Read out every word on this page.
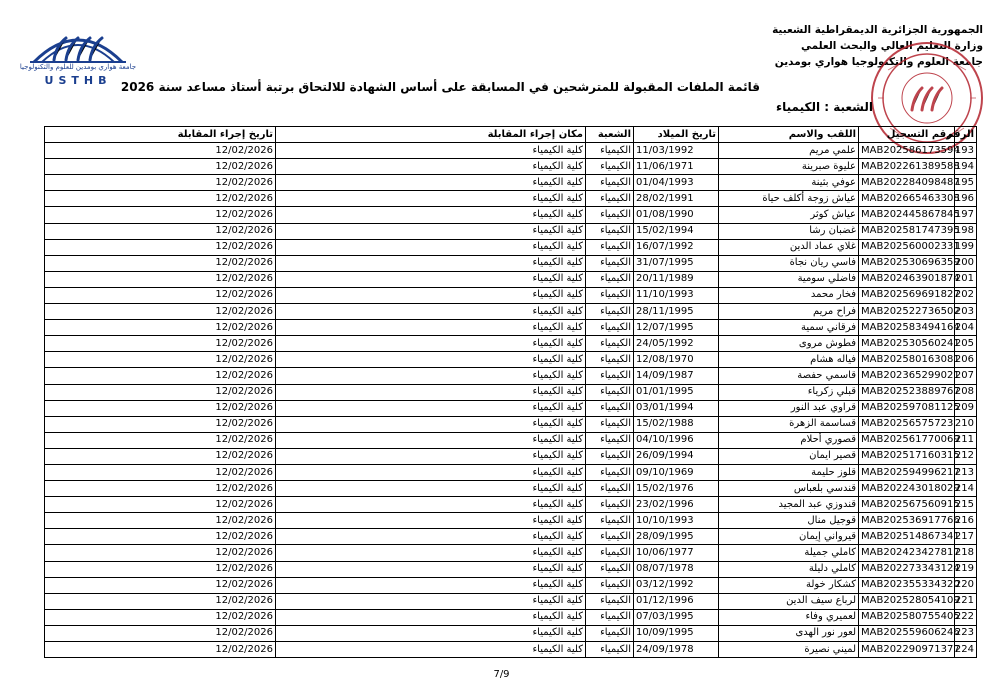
جامعة هواري بومدين للعلوم والتكنولوجيا
USTHB
الجمهورية الجزائرية الديمقراطية الشعبية
وزارة التعليم العالي والبحث العلمي
جامعة العلوم والتكنولوجيا هواري بومدين
قائمة الملفات المقبولة للمترشحين في المسابقة على أساس الشهادة للالتحاق برتبة أستاذ مساعد سنة 2026
الشعبة : الكيمياء
الرقم	رقم التسجيل	اللقب والاسم	تاريخ الميلاد	الشعبة	مكان إجراء المقابلة	تاريخ إجراء المقابلة
193	MAB202586173594	علمي مريم	11/03/1992	الكيمياء	كلية الكيمياء	12/02/2026
194	MAB202261389588	عليوة صبرينة	11/06/1971	الكيمياء	كلية الكيمياء	12/02/2026
195	MAB202284098487	عوفي بثينة	01/04/1993	الكيمياء	كلية الكيمياء	12/02/2026
196	MAB202665463308	عياش زوجة أكلف حياة	28/02/1991	الكيمياء	كلية الكيمياء	12/02/2026
197	MAB202445867845	عياش كوثر	01/08/1990	الكيمياء	كلية الكيمياء	12/02/2026
198	MAB202581747395	غضبان رشا	15/02/1994	الكيمياء	كلية الكيمياء	12/02/2026
199	MAB202560002331	غلاي عماد الدين	16/07/1992	الكيمياء	كلية الكيمياء	12/02/2026
200	MAB202530696359	فاسي ريان نجاة	31/07/1995	الكيمياء	كلية الكيمياء	12/02/2026
201	MAB202463901874	فاضلي سومية	20/11/1989	الكيمياء	كلية الكيمياء	12/02/2026
202	MAB202569691827	فخار محمد	11/10/1993	الكيمياء	كلية الكيمياء	12/02/2026
203	MAB202522736502	فراح مريم	28/11/1995	الكيمياء	كلية الكيمياء	12/02/2026
204	MAB202583494164	فرقاني سمية	12/07/1995	الكيمياء	كلية الكيمياء	12/02/2026
205	MAB202530560241	فطوش مروى	24/05/1992	الكيمياء	كلية الكيمياء	12/02/2026
206	MAB202580163081	فياله هشام	12/08/1970	الكيمياء	كلية الكيمياء	12/02/2026
207	MAB202365299021	قاسمي حفصة	14/09/1987	الكيمياء	كلية الكيمياء	12/02/2026
208	MAB202523889767	قبلي زكرياء	01/01/1995	الكيمياء	كلية الكيمياء	12/02/2026
209	MAB202597081125	قراوي عبد النور	03/01/1994	الكيمياء	كلية الكيمياء	12/02/2026
210	MAB20256575723	قساسمة الزهرة	15/02/1988	الكيمياء	كلية الكيمياء	12/02/2026
211	MAB202561770069	قصوري أحلام	04/10/1996	الكيمياء	كلية الكيمياء	12/02/2026
212	MAB202517160315	قصير ايمان	26/09/1994	الكيمياء	كلية الكيمياء	12/02/2026
213	MAB202594996217	قلوز حليمة	09/10/1969	الكيمياء	كلية الكيمياء	12/02/2026
214	MAB202243018029	قندسي بلعباس	15/02/1976	الكيمياء	كلية الكيمياء	12/02/2026
215	MAB202567560915	قندوزي عبد المجيد	23/02/1996	الكيمياء	كلية الكيمياء	12/02/2026
216	MAB202536917766	قوجيل منال	10/10/1993	الكيمياء	كلية الكيمياء	12/02/2026
217	MAB202514867341	قيرواني إيمان	28/09/1995	الكيمياء	كلية الكيمياء	12/02/2026
218	MAB202423427817	كاملي جميلة	10/06/1977	الكيمياء	كلية الكيمياء	12/02/2026
219	MAB202273343124	كاملي دليلة	08/07/1978	الكيمياء	كلية الكيمياء	12/02/2026
220	MAB202355334320	كشكار خولة	03/12/1992	الكيمياء	كلية الكيمياء	12/02/2026
221	MAB202528054109	لرباع سيف الدين	01/12/1996	الكيمياء	كلية الكيمياء	12/02/2026
222	MAB202580755405	لعميري وفاء	07/03/1995	الكيمياء	كلية الكيمياء	12/02/2026
223	MAB202559606246	لعور نور الهدى	10/09/1995	الكيمياء	كلية الكيمياء	12/02/2026
224	MAB202290971377	لميني نصيرة	24/09/1978	الكيمياء	كلية الكيمياء	12/02/2026
7/9
